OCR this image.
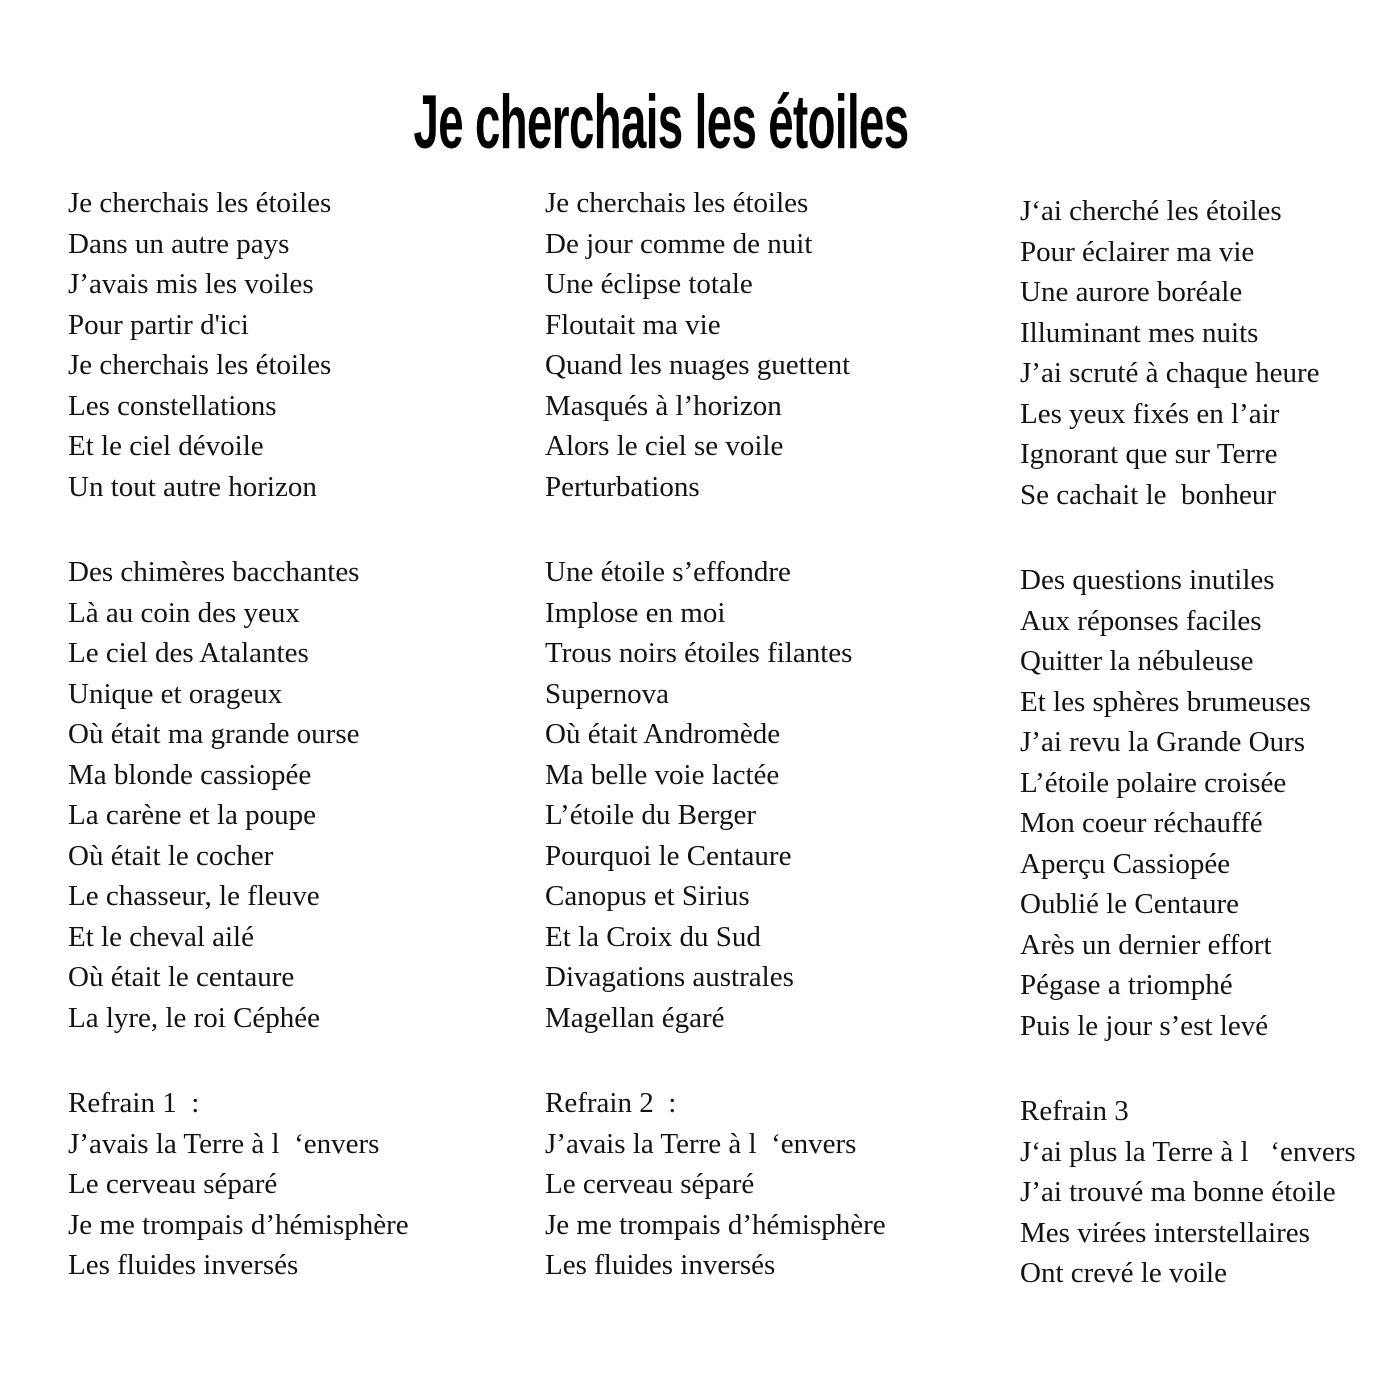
Je cherchais les étoiles
Je cherchais les étoiles
Dans un autre pays
J’avais mis les voiles
Pour partir d'ici
Je cherchais les étoiles
Les constellations
Et le ciel dévoile
Un tout autre horizon
Des chimères bacchantes
Là au coin des yeux
Le ciel des Atalantes
Unique et orageux
Où était ma grande ourse
Ma blonde cassiopée
La carène et la poupe
Où était le cocher
Le chasseur, le fleuve
Et le cheval ailé
Où était le centaure
La lyre, le roi Céphée
Refrain 1  :
J’avais la Terre à l  ‘envers
Le cerveau séparé
Je me trompais d’hémisphère
Les fluides inversés
Je cherchais les étoiles
De jour comme de nuit
Une éclipse totale
Floutait ma vie
Quand les nuages guettent
Masqués à l’horizon
Alors le ciel se voile
Perturbations
Une étoile s’effondre
Implose en moi
Trous noirs étoiles filantes
Supernova
Où était Andromède
Ma belle voie lactée
L’étoile du Berger
Pourquoi le Centaure
Canopus et Sirius
Et la Croix du Sud
Divagations australes
Magellan égaré
Refrain 2  :
J’avais la Terre à l  ‘envers
Le cerveau séparé
Je me trompais d’hémisphère
Les fluides inversés
J‘ai cherché les étoiles
Pour éclairer ma vie
Une aurore boréale
Illuminant mes nuits
J’ai scruté à chaque heure
Les yeux fixés en l’air
Ignorant que sur Terre
Se cachait le  bonheur
Des questions inutiles
Aux réponses faciles
Quitter la nébuleuse
Et les sphères brumeuses
J’ai revu la Grande Ours
L’étoile polaire croisée
Mon coeur réchauffé
Aperçu Cassiopée
Oublié le Centaure
Arès un dernier effort
Pégase a triomphé
Puis le jour s’est levé
Refrain 3
J‘ai plus la Terre à l   ‘envers
J’ai trouvé ma bonne étoile
Mes virées interstellaires
Ont crevé le voile
